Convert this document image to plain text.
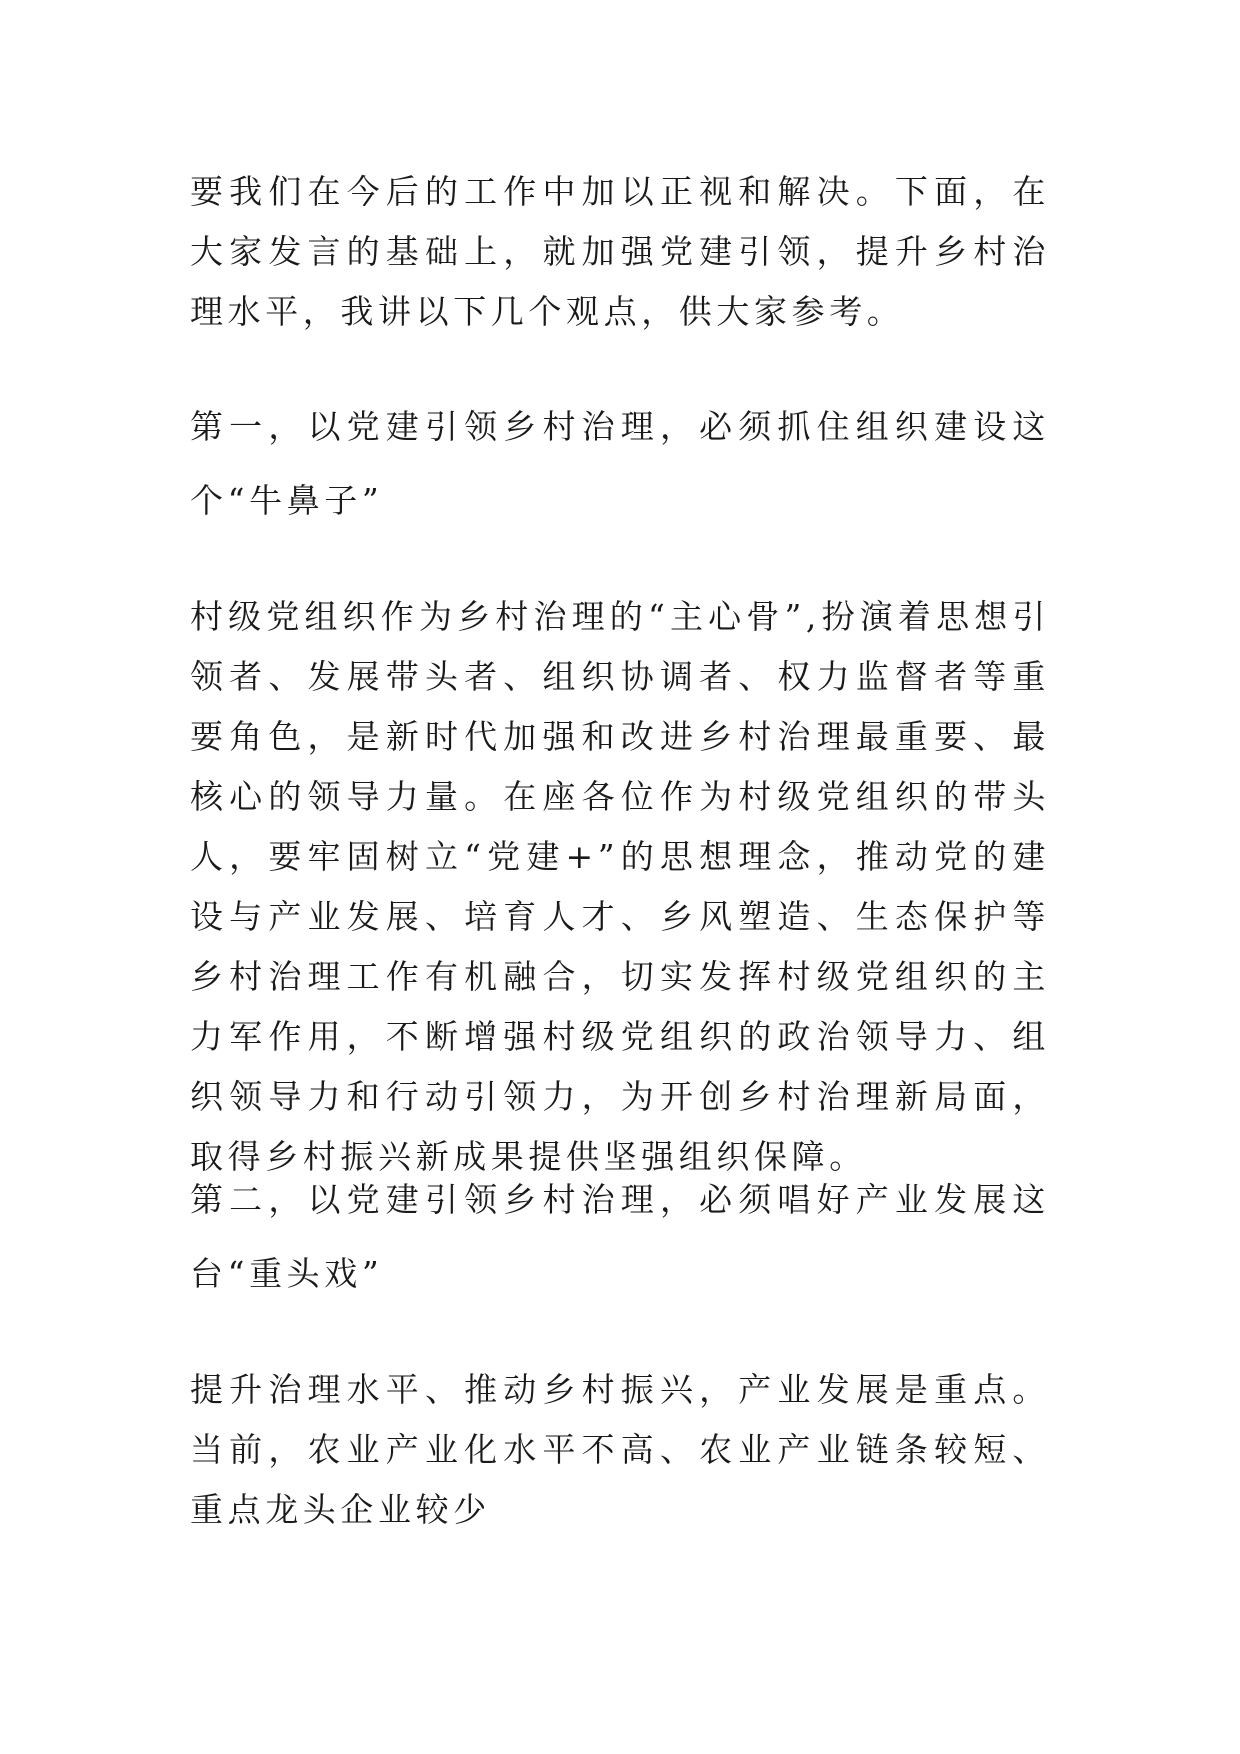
要我们在今后的工作中加以正视和解决。下面，在大家发言的基础上，就加强党建引领，提升乡村治理水平，我讲以下几个观点，供大家参考。

第一，以党建引领乡村治理，必须抓住组织建设这个“牛鼻子”

村级党组织作为乡村治理的“主心骨”,扮演着思想引领者、发展带头者、组织协调者、权力监督者等重要角色，是新时代加强和改进乡村治理最重要、最核心的领导力量。在座各位作为村级党组织的带头人，要牢固树立“党建+”的思想理念，推动党的建设与产业发展、培育人才、乡风塑造、生态保护等乡村治理工作有机融合，切实发挥村级党组织的主力军作用，不断增强村级党组织的政治领导力、组织领导力和行动引领力，为开创乡村治理新局面，取得乡村振兴新成果提供坚强组织保障。

第二，以党建引领乡村治理，必须唱好产业发展这台“重头戏”

提升治理水平、推动乡村振兴，产业发展是重点。当前，农业产业化水平不高、农业产业链条较短、重点龙头企业较少
